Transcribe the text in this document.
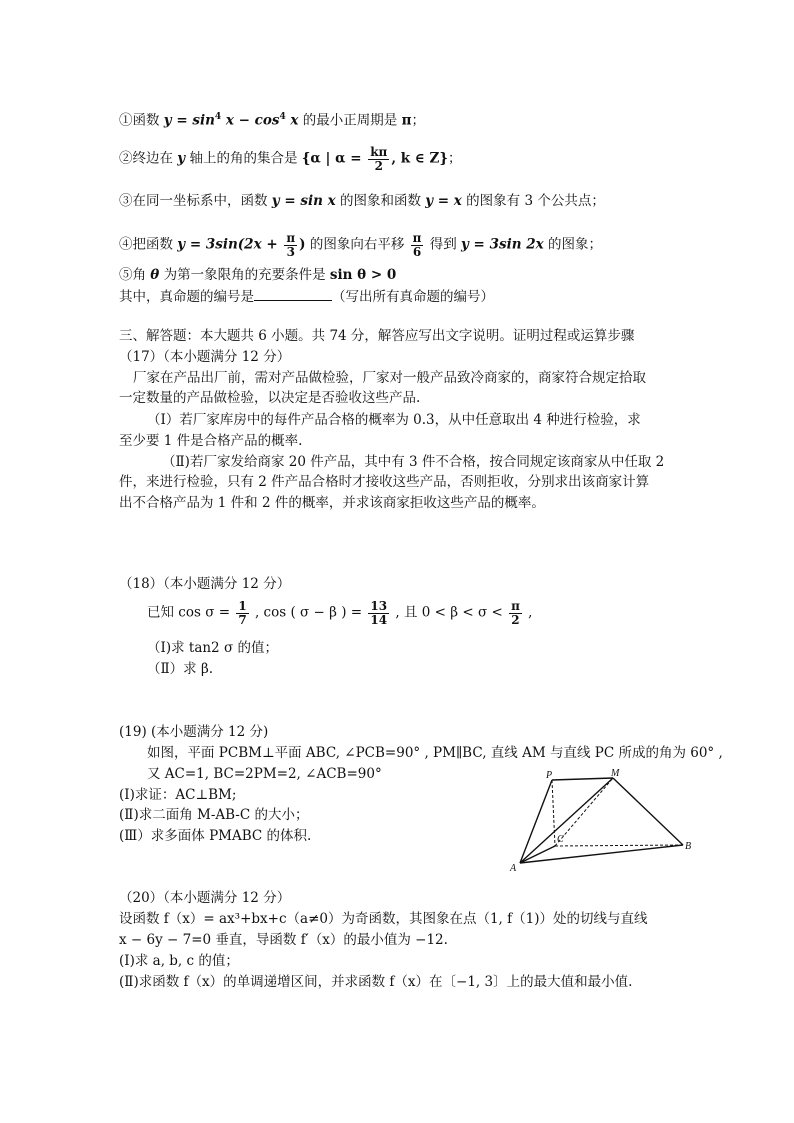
①函数 $y = \sin^4 x - \cos^4 x$ 的最小正周期是 π；
②终边在 y 轴上的角的集合是 {α | $\alpha = \frac{k\pi}{2}$ , k ∈ Z}；
③在同一坐标系中，函数 y = sin x 的图象和函数 y = x 的图象有 3 个公共点；
④把函数 $y = 3\sin(2x + \frac{\pi}{3}$ ) 的图象向右平移 $\frac{\pi}{6}$ 得到 y = 3sin 2x 的图象；
⑤角 θ 为第一象限角的充要条件是 sin θ > 0
其中，真命题的编号是	（写出所有真命题的编号）
三、解答题：本大题共 6 小题。共 74 分，解答应写出文字说明。证明过程或运算步骤
（17）（本小题满分 12 分）
厂家在产品出厂前，需对产品做检验，厂家对一般产品致冷商家的，商家符合规定拾取
一定数量的产品做检验，以决定是否验收这些产品.
（Ⅰ）若厂家库房中的每件产品合格的概率为 0.3，从中任意取出 4 种进行检验，求
至少要 1 件是合格产品的概率.
（Ⅱ)若厂家发给商家 20 件产品，其中有 3 件不合格，按合同规定该商家从中任取 2
件，来进行检验，只有 2 件产品合格时才接收这些产品，否则拒收，分别求出该商家计算
出不合格产品为 1 件和 2 件的概率，并求该商家拒收这些产品的概率。
（18）（本小题满分 12 分）
已知 $\cos \sigma = \frac{1}{7}$ , cos ( σ − β ) = $\frac{13}{14}$ , 且 $0 < \beta < \sigma < \frac{\pi}{2}$ ,
（Ⅰ)求 tan2 σ 的值；
（Ⅱ）求 β.
(19) (本小题满分 12 分)
如图，平面 PCBM⊥平面 ABC, ∠PCB=90° , PM∥BC, 直线 AM 与直线 PC 所成的角为 60° ,
又 AC=1, BC=2PM=2, ∠ACB=90°
(Ⅰ)求证：AC⊥BM;
(Ⅱ)求二面角 M-AB-C 的大小；
(Ⅲ）求多面体 PMABC 的体积.
P	M
C
A
B
（20）（本小题满分 12 分）
设函数 f（x）= ax³+bx+c（a≠0）为奇函数，其图象在点（1, f（1)）处的切线与直线
x − 6y − 7=0 垂直，导函数 f′（x）的最小值为 −12.
(Ⅰ)求 a, b, c 的值；
(Ⅱ)求函数 f（x）的单调递增区间，并求函数 f（x）在〔−1, 3〕上的最大值和最小值.
